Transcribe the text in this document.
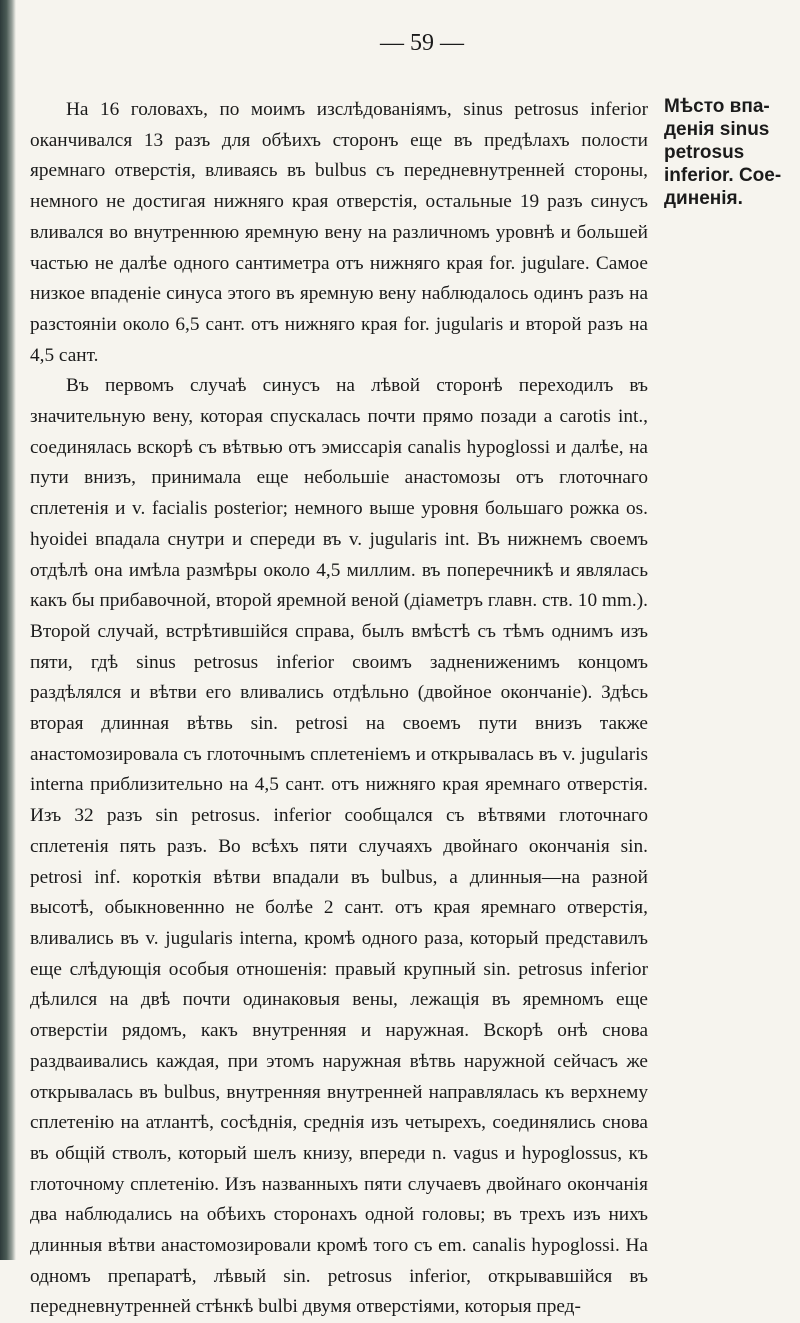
— 59 —
Мѣсто впа-денія sinus petrosus inferior. Сое-диненія.

На 16 головахъ, по моимъ изслѣдованіямъ, sinus petrosus inferior оканчивался 13 разъ для обѣихъ сторонъ еще въ предѣлахъ полости яремнаго отверстія, вливаясь въ bulbus съ передневнутренней стороны, немного не достигая нижняго края отверстія, остальные 19 разъ синусъ вливался во внутреннюю яремную вену на различномъ уровнѣ и большей частью не далѣе одного сантиметра отъ нижняго края for. jugulare. Самое низкое впаденіе синуса этого въ яремную вену наблюдалось одинъ разъ на разстояніи около 6,5 сант. отъ нижняго края for. jugularis и второй разъ на 4,5 сант.

Въ первомъ случаѣ синусъ на лѣвой сторонѣ переходилъ въ значительную вену, которая спускалась почти прямо позади a carotis int., соединялась вскорѣ съ вѣтвью отъ эмиссарія canalis hypoglossi и далѣе, на пути внизъ, принимала еще небольшіе анастомозы отъ глоточнаго сплетенія и v. facialis posterior; немного выше уровня большаго рожка os. hyoidei впадала снутри и спереди въ v. jugularis int. Въ нижнемъ своемъ отдѣлѣ она имѣла размѣры около 4,5 миллим. въ поперечникѣ и являлась какъ бы прибавочной, второй яремной веной (діаметръ главн. ств. 10 mm.). Второй случай, встрѣтившійся справа, былъ вмѣстѣ съ тѣмъ однимъ изъ пяти, гдѣ sinus petrosus inferior своимъ заднениженимъ концомъ раздѣлялся и вѣтви его вливались отдѣльно (двойное окончаніе). Здѣсь вторая длинная вѣтвь sin. petrosi на своемъ пути внизъ также анастомозировала съ глоточнымъ сплетеніемъ и открывалась въ v. jugularis interna приблизительно на 4,5 сант. отъ нижняго края яремнаго отверстія. Изъ 32 разъ sin petrosus. inferior сообщался съ вѣтвями глоточнаго сплетенія пять разъ. Во всѣхъ пяти случаяхъ двойнаго окончанія sin. petrosi inf. короткія вѣтви впадали въ bulbus, а длинныя—на разной высотѣ, обыкновеннно не болѣе 2 сант. отъ края яремнаго отверстія, вливались въ v. jugularis interna, кромѣ одного раза, который представилъ еще слѣдующія особыя отношенія: правый крупный sin. petrosus inferior дѣлился на двѣ почти одинаковыя вены, лежащія въ яремномъ еще отверстіи рядомъ, какъ внутренняя и наружная. Вскорѣ онѣ снова раздваивались каждая, при этомъ наружная вѣтвь наружной сейчасъ же открывалась въ bulbus, внутренняя внутренней направлялась къ верхнему сплетенію на атлантѣ, сосѣднія, среднія изъ четырехъ, соединялись снова въ общій стволъ, который шелъ книзу, впереди n. vagus и hypoglossus, къ глоточному сплетенію. Изъ названныхъ пяти случаевъ двойнаго окончанія два наблюдались на обѣихъ сторонахъ одной головы; въ трехъ изъ нихъ длинныя вѣтви анастомозировали кромѣ того съ em. canalis hypoglossi. На одномъ препаратѣ, лѣвый sin. petrosus inferior, открывавшійся въ передневнутренней стѣнкѣ bulbi двумя отверстіями, которыя пред-
